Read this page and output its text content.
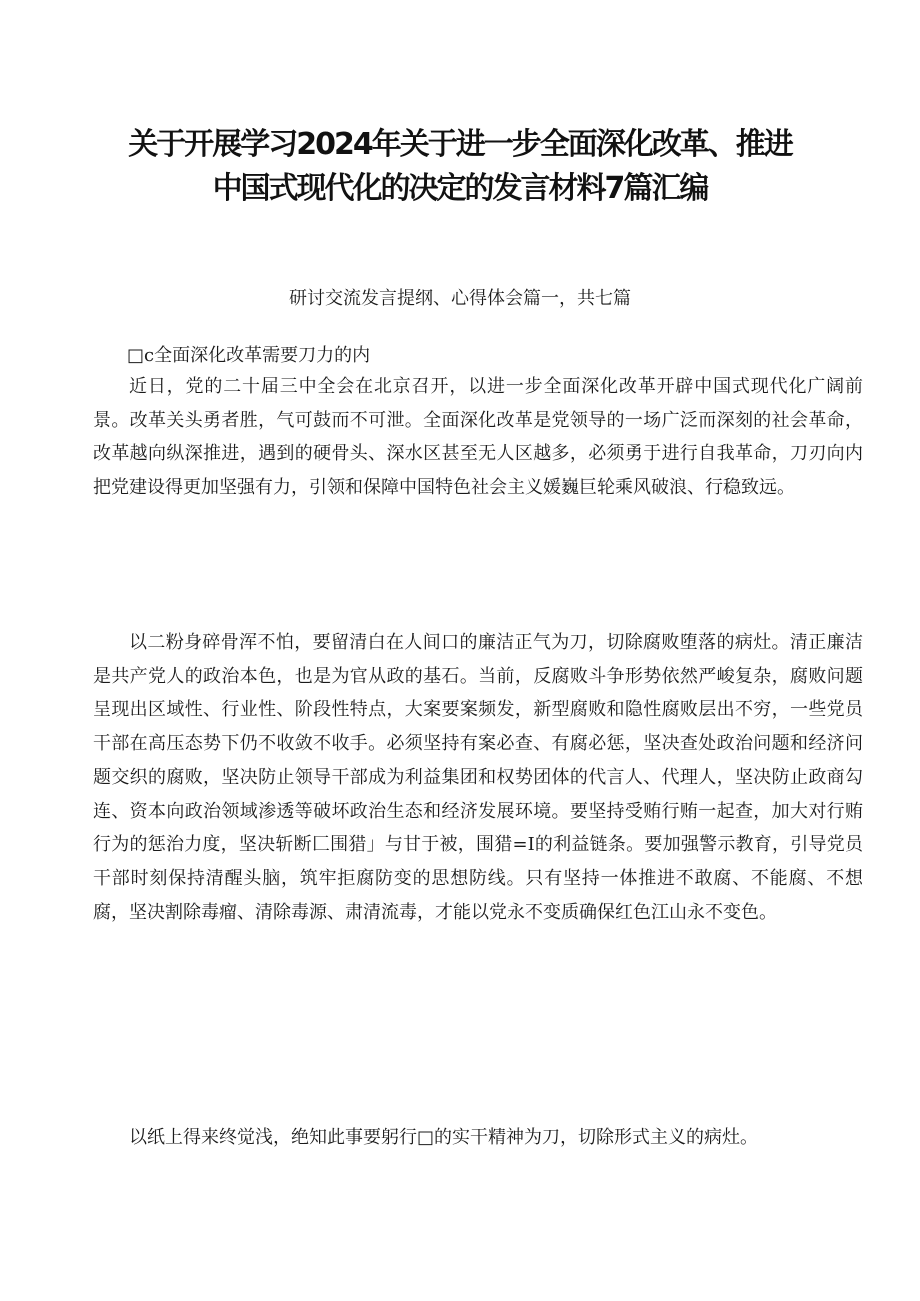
关于开展学习2024年关于进一步全面深化改革、推进
中国式现代化的决定的发言材料7篇汇编
研讨交流发言提纲、心得体会篇一，共七篇
□c全面深化改革需要刀力的内

近日，党的二十届三中全会在北京召开，以进一步全面深化改革开辟中国式现代化广阔前景。改革关头勇者胜，气可鼓而不可泄。全面深化改革是党领导的一场广泛而深刻的社会革命，改革越向纵深推进，遇到的硬骨头、深水区甚至无人区越多，必须勇于进行自我革命，刀刃向内把党建设得更加坚强有力，引领和保障中国特色社会主义媛巍巨轮乘风破浪、行稳致远。

以二粉身碎骨浑不怕，要留清白在人间口的廉洁正气为刀，切除腐败堕落的病灶。清正廉洁是共产党人的政治本色，也是为官从政的基石。当前，反腐败斗争形势依然严峻复杂，腐败问题呈现出区域性、行业性、阶段性特点，大案要案频发，新型腐败和隐性腐败层出不穷，一些党员干部在高压态势下仍不收敛不收手。必须坚持有案必查、有腐必惩，坚决查处政治问题和经济问题交织的腐败，坚决防止领导干部成为利益集团和权势团体的代言人、代理人，坚决防止政商勾连、资本向政治领域渗透等破坏政治生态和经济发展环境。要坚持受贿行贿一起查，加大对行贿行为的惩治力度，坚决斩断匚围猎」与甘于被，围猎=I的利益链条。要加强警示教育，引导党员干部时刻保持清醒头脑，筑牢拒腐防变的思想防线。只有坚持一体推进不敢腐、不能腐、不想腐，坚决割除毒瘤、清除毒源、肃清流毒，才能以党永不变质确保红色江山永不变色。

以纸上得来终觉浅，绝知此事要躬行□的实干精神为刀，切除形式主义的病灶。
